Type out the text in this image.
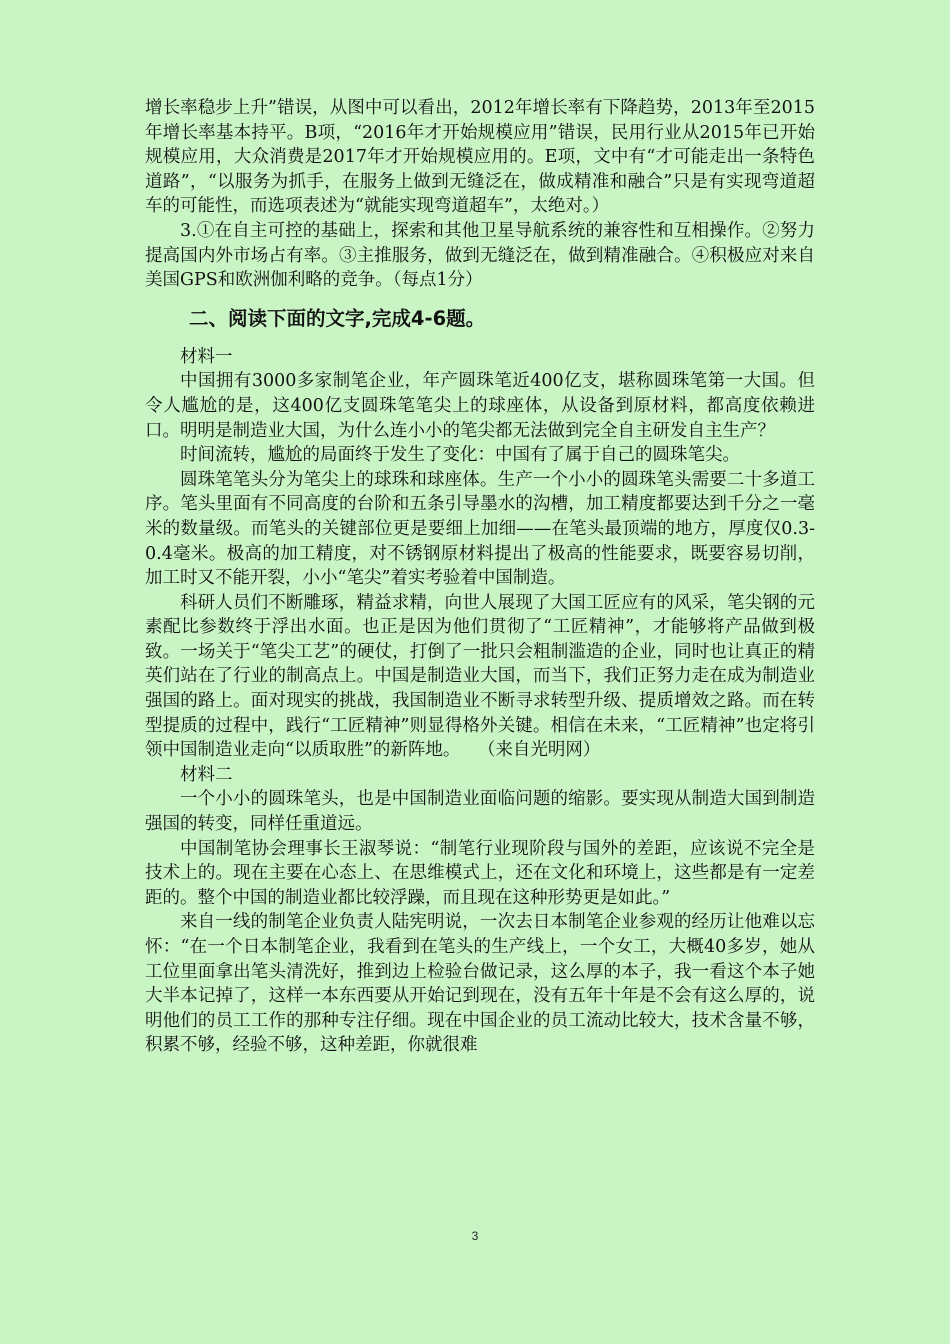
增长率稳步上升”错误，从图中可以看出，2012年增长率有下降趋势，2013年至2015年增长率基本持平。B项，“2016年才开始规模应用”错误，民用行业从2015年已开始规模应用，大众消费是2017年才开始规模应用的。E项，文中有“才可能走出一条特色道路”，“以服务为抓手，在服务上做到无缝泛在，做成精准和融合”只是有实现弯道超车的可能性，而选项表述为“就能实现弯道超车”，太绝对。）

3.①在自主可控的基础上，探索和其他卫星导航系统的兼容性和互相操作。②努力提高国内外市场占有率。③主推服务，做到无缝泛在，做到精准融合。④积极应对来自美国GPS和欧洲伽利略的竞争。（每点1分）

二、阅读下面的文字,完成4-6题。

材料一

中国拥有3000多家制笔企业，年产圆珠笔近400亿支，堪称圆珠笔第一大国。但令人尴尬的是，这400亿支圆珠笔笔尖上的球座体，从设备到原材料，都高度依赖进口。明明是制造业大国，为什么连小小的笔尖都无法做到完全自主研发自主生产？

时间流转，尴尬的局面终于发生了变化：中国有了属于自己的圆珠笔尖。

圆珠笔笔头分为笔尖上的球珠和球座体。生产一个小小的圆珠笔头需要二十多道工序。笔头里面有不同高度的台阶和五条引导墨水的沟槽，加工精度都要达到千分之一毫米的数量级。而笔头的关键部位更是要细上加细——在笔头最顶端的地方，厚度仅0.3-0.4毫米。极高的加工精度，对不锈钢原材料提出了极高的性能要求，既要容易切削，加工时又不能开裂，小小“笔尖”着实考验着中国制造。

科研人员们不断雕琢，精益求精，向世人展现了大国工匠应有的风采，笔尖钢的元素配比参数终于浮出水面。也正是因为他们贯彻了“工匠精神”，才能够将产品做到极致。一场关于“笔尖工艺”的硬仗，打倒了一批只会粗制滥造的企业，同时也让真正的精英们站在了行业的制高点上。中国是制造业大国，而当下，我们正努力走在成为制造业强国的路上。面对现实的挑战，我国制造业不断寻求转型升级、提质增效之路。而在转型提质的过程中，践行“工匠精神”则显得格外关键。相信在未来，“工匠精神”也定将引领中国制造业走向“以质取胜”的新阵地。　　（来自光明网）

材料二

一个小小的圆珠笔头，也是中国制造业面临问题的缩影。要实现从制造大国到制造强国的转变，同样任重道远。

中国制笔协会理事长王淑琴说：“制笔行业现阶段与国外的差距，应该说不完全是技术上的。现在主要在心态上、在思维模式上，还在文化和环境上，这些都是有一定差距的。整个中国的制造业都比较浮躁，而且现在这种形势更是如此。”

来自一线的制笔企业负责人陆宪明说，一次去日本制笔企业参观的经历让他难以忘怀：“在一个日本制笔企业，我看到在笔头的生产线上，一个女工，大概40多岁，她从工位里面拿出笔头清洗好，推到边上检验台做记录，这么厚的本子，我一看这个本子她大半本记掉了，这样一本东西要从开始记到现在，没有五年十年是不会有这么厚的，说明他们的员工工作的那种专注仔细。现在中国企业的员工流动比较大，技术含量不够，积累不够，经验不够，这种差距，你就很难

3
